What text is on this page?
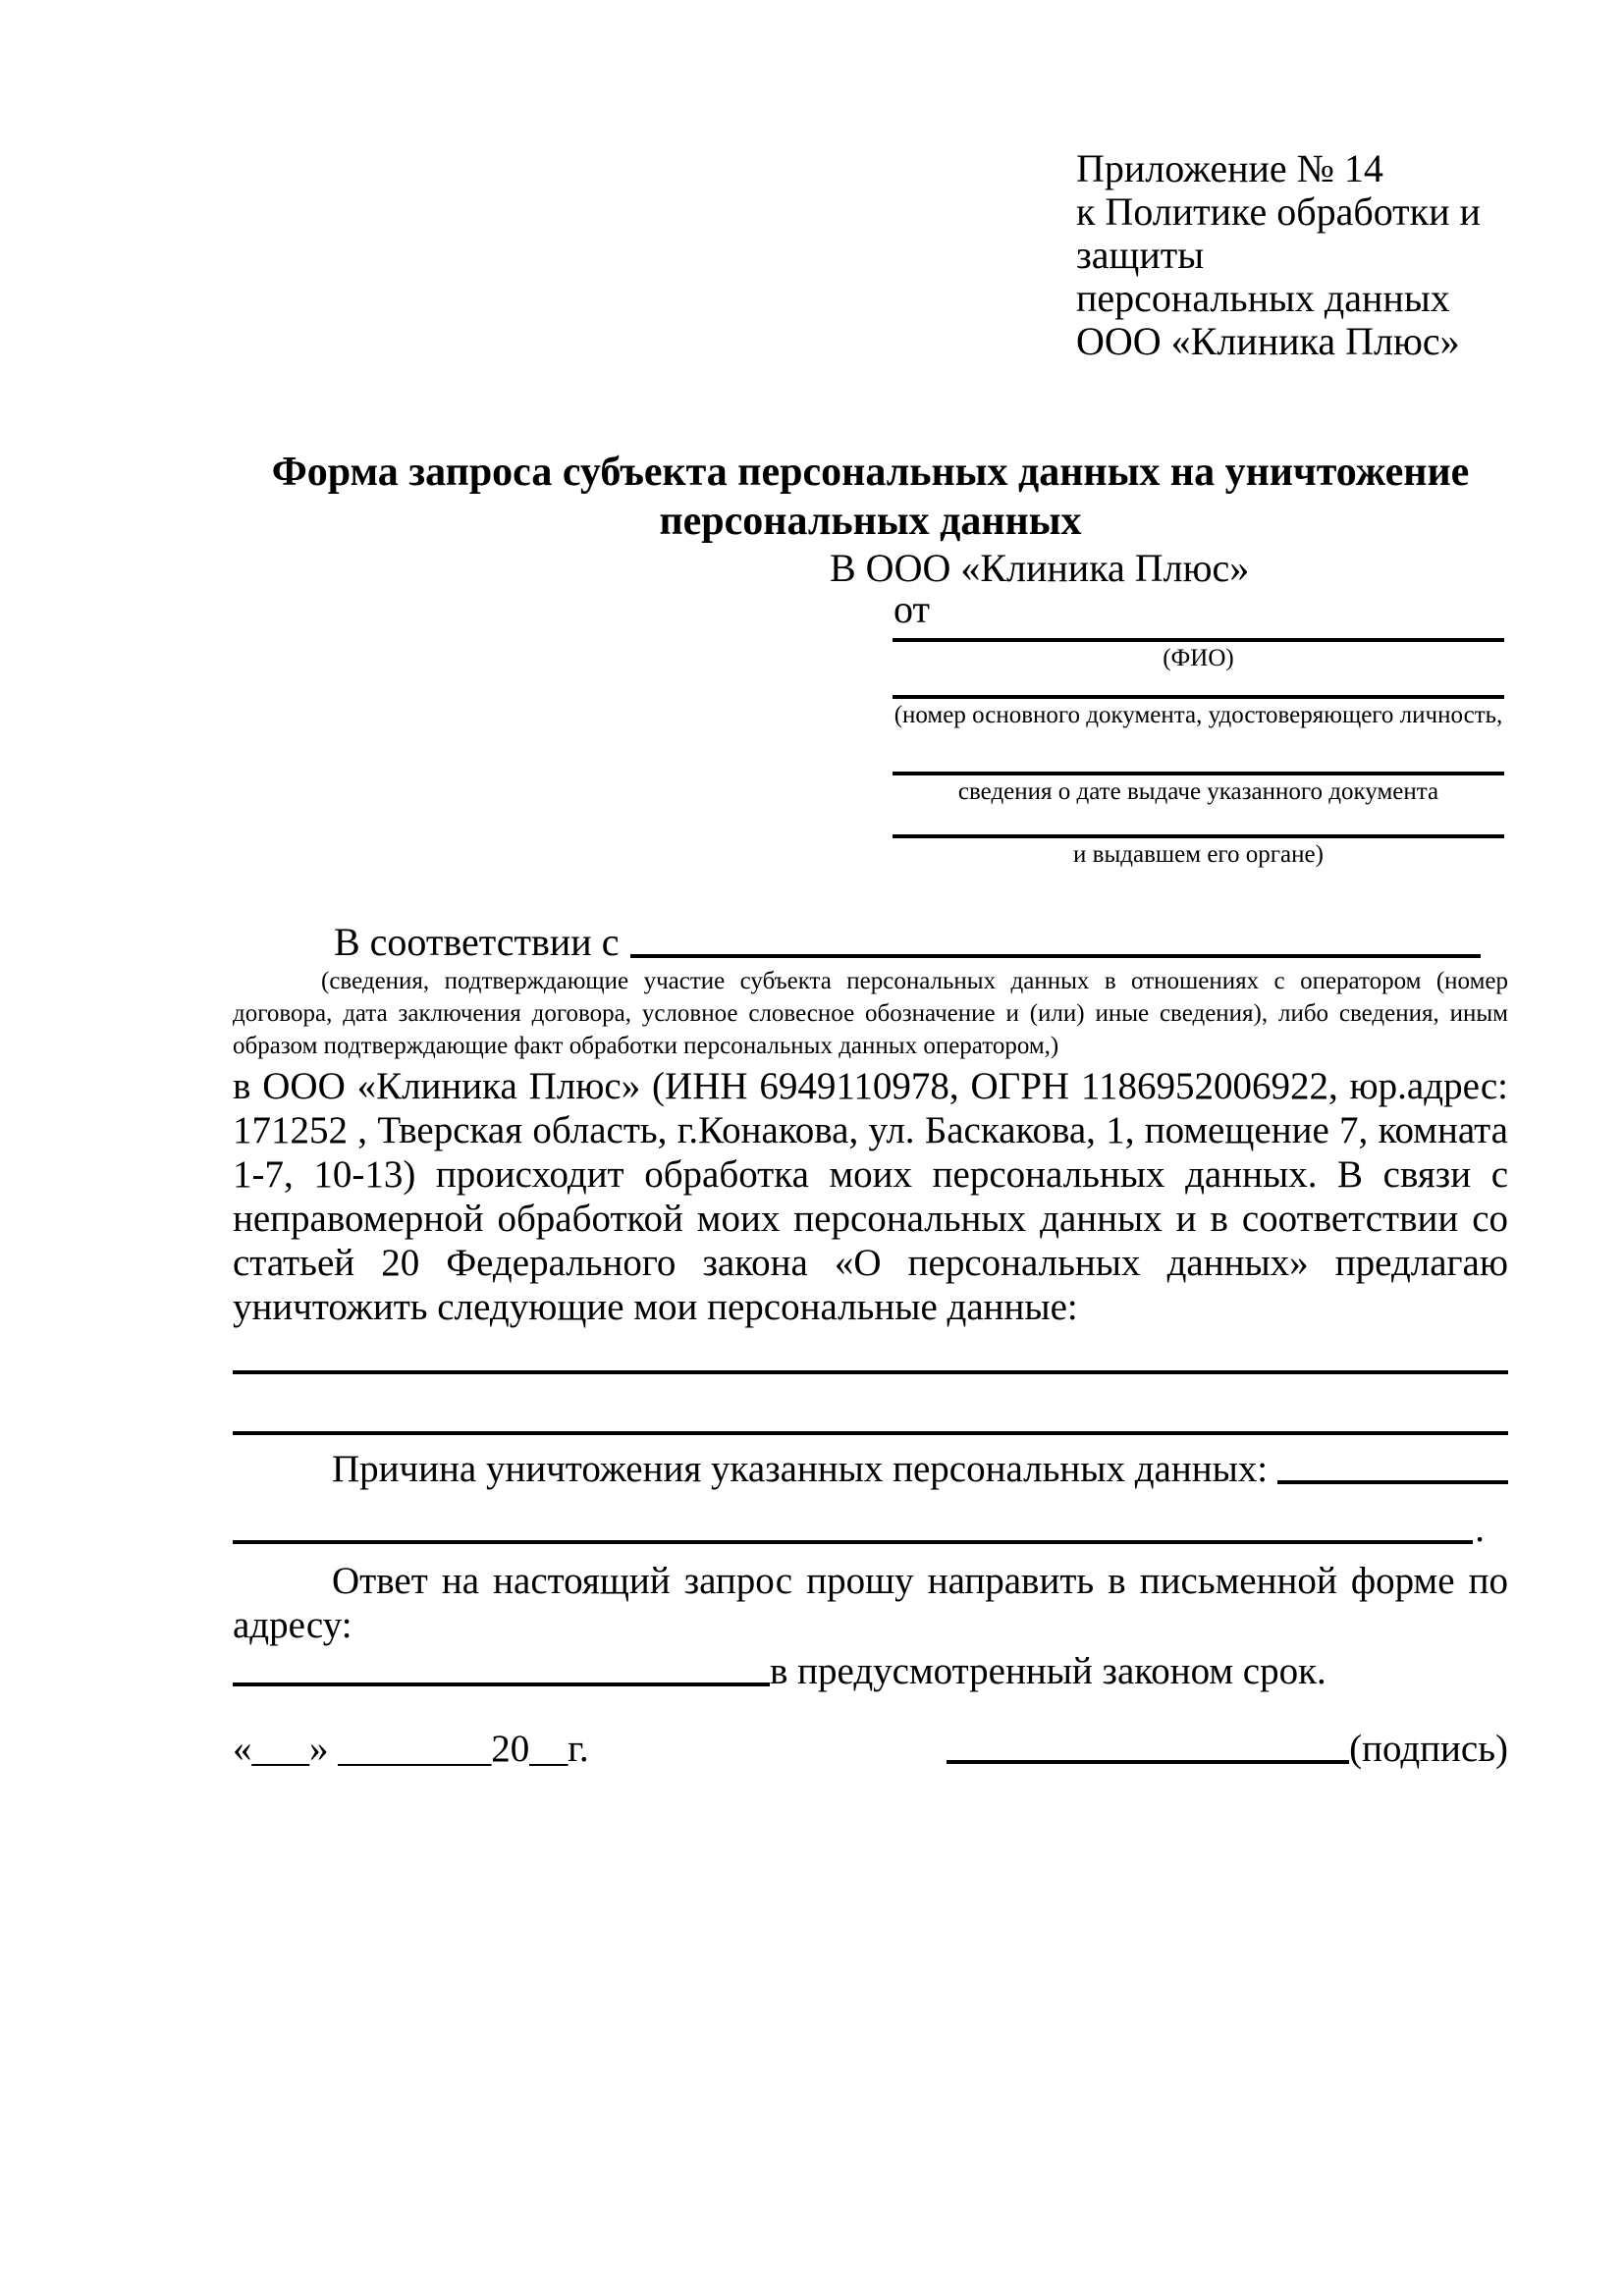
Приложение № 14
к Политике обработки и защиты
персональных данных
ООО «Клиника Плюс»
Форма запроса субъекта персональных данных на уничтожение персональных данных
В ООО «Клиника Плюс»
от
(ФИО)
(номер основного документа, удостоверяющего личность,
сведения о дате выдаче указанного документа
и выдавшем его органе)
В соответствии с

(сведения, подтверждающие участие субъекта персональных данных в отношениях с оператором (номер договора, дата заключения договора, условное словесное обозначение и (или) иные сведения), либо сведения, иным образом подтверждающие факт обработки персональных данных оператором,)

в ООО «Клиника Плюс» (ИНН 6949110978, ОГРН 1186952006922, юр.адрес: 171252 , Тверская область, г.Конакова, ул. Баскакова, 1, помещение 7, комната 1-7, 10-13) происходит обработка моих персональных данных. В связи с неправомерной обработкой моих персональных данных и в соответствии со статьей 20 Федерального закона «О персональных данных» предлагаю уничтожить следующие мои персональные данные:

Причина уничтожения указанных персональных данных:
.

Ответ на настоящий запрос прошу направить в письменной форме по адресу:

в предусмотренный законом срок.
«___» ________20__г.	(подпись)
